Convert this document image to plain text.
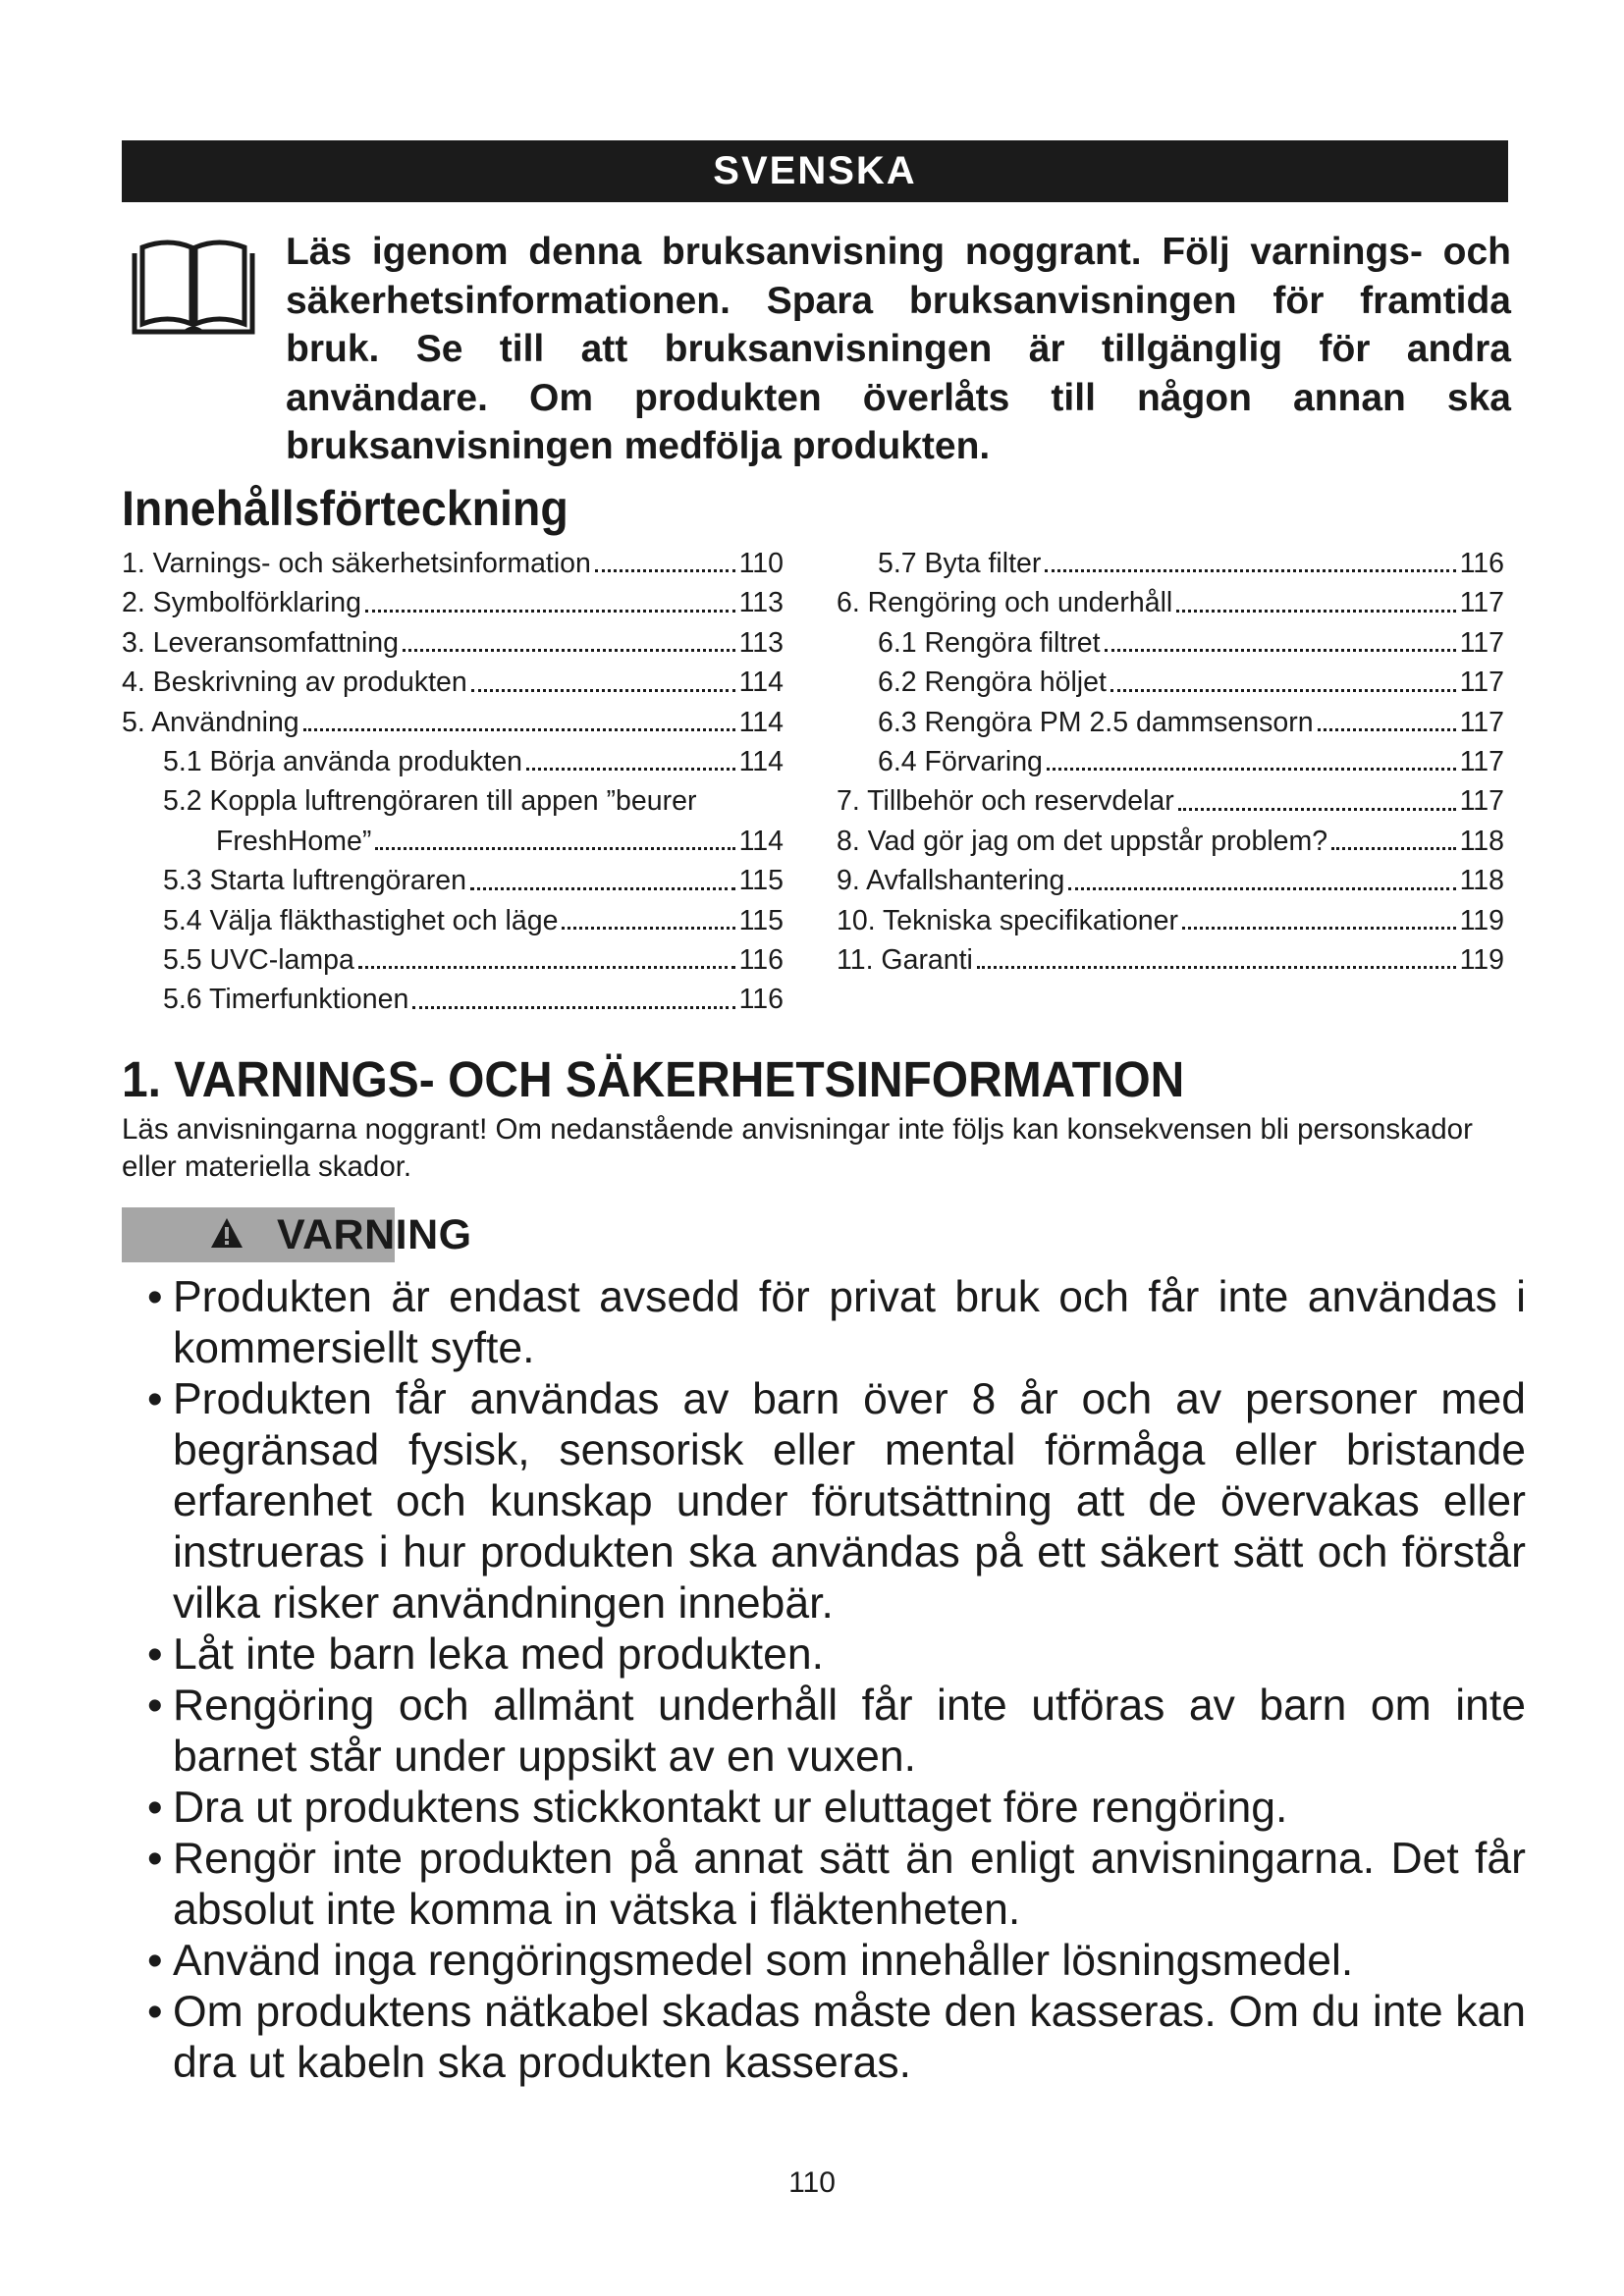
SVENSKA

Läs igenom denna bruksanvisning noggrant. Följ varnings- och säkerhetsinformationen. Spara bruksanvisningen för framtida bruk. Se till att bruksanvisningen är tillgänglig för andra användare. Om produkten överlåts till någon annan ska bruksanvisningen medfölja produkten.

Innehållsförteckning
1. Varnings- och säkerhetsinformation	110
2. Symbolförklaring	113
3. Leveransomfattning	113
4. Beskrivning av produkten	114
5. Användning	114
5.1 Börja använda produkten	114
5.2 Koppla luftrengöraren till appen ”beurer
FreshHome”	114
5.3 Starta luftrengöraren	115
5.4 Välja fläkthastighet och läge	115
5.5 UVC-lampa	116
5.6 Timerfunktionen	116
5.7 Byta filter	116
6. Rengöring och underhåll	117
6.1 Rengöra filtret	117
6.2 Rengöra höljet	117
6.3 Rengöra PM 2.5 dammsensorn	117
6.4 Förvaring	117
7. Tillbehör och reservdelar	117
8. Vad gör jag om det uppstår problem?	118
9. Avfallshantering	118
10. Tekniska specifikationer	119
11. Garanti	119
1. VARNINGS- OCH SÄKERHETSINFORMATION

Läs anvisningarna noggrant! Om nedanstående anvisningar inte följs kan konsekvensen bli personskador eller materiella skador.

VARNING
• Produkten är endast avsedd för privat bruk och får inte användas i kommersiellt syfte.
• Produkten får användas av barn över 8 år och av personer med begränsad fysisk, sensorisk eller mental förmåga eller bristande erfarenhet och kunskap under förutsättning att de övervakas eller instrueras i hur produkten ska användas på ett säkert sätt och förstår vilka risker användningen innebär.
• Låt inte barn leka med produkten.
• Rengöring och allmänt underhåll får inte utföras av barn om inte barnet står under uppsikt av en vuxen.
• Dra ut produktens stickkontakt ur eluttaget före rengöring.
• Rengör inte produkten på annat sätt än enligt anvisningarna. Det får absolut inte komma in vätska i fläktenheten.
• Använd inga rengöringsmedel som innehåller lösningsmedel.
• Om produktens nätkabel skadas måste den kasseras. Om du inte kan dra ut kabeln ska produkten kasseras.
110
